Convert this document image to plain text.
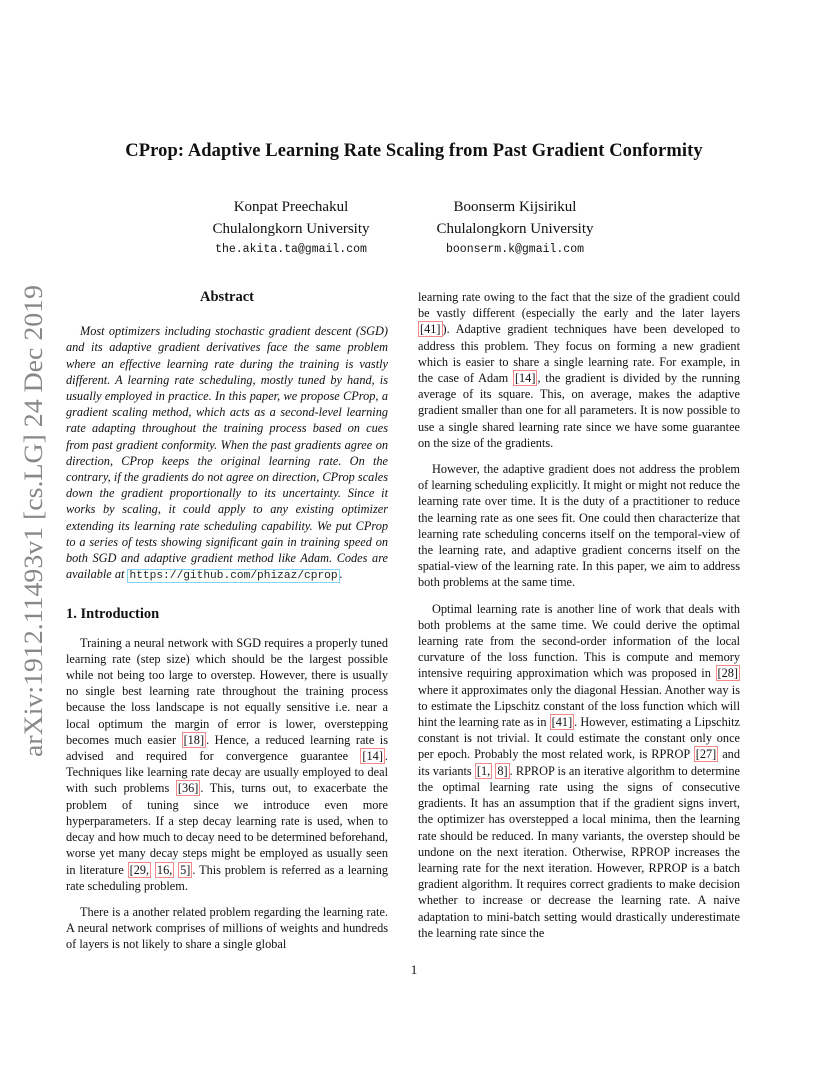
CProp: Adaptive Learning Rate Scaling from Past Gradient Conformity
Konpat Preechakul
Chulalongkorn University
the.akita.ta@gmail.com
Boonserm Kijsirikul
Chulalongkorn University
boonserm.k@gmail.com
arXiv:1912.11493v1 [cs.LG] 24 Dec 2019
Abstract

Most optimizers including stochastic gradient descent (SGD) and its adaptive gradient derivatives face the same problem where an effective learning rate during the training is vastly different. A learning rate scheduling, mostly tuned by hand, is usually employed in practice. In this paper, we propose CProp, a gradient scaling method, which acts as a second-level learning rate adapting throughout the training process based on cues from past gradient conformity. When the past gradients agree on direction, CProp keeps the original learning rate. On the contrary, if the gradients do not agree on direction, CProp scales down the gradient proportionally to its uncertainty. Since it works by scaling, it could apply to any existing optimizer extending its learning rate scheduling capability. We put CProp to a series of tests showing significant gain in training speed on both SGD and adaptive gradient method like Adam. Codes are available at https://github.com/phizaz/cprop .

1. Introduction

Training a neural network with SGD requires a properly tuned learning rate (step size) which should be the largest possible while not being too large to overstep. However, there is usually no single best learning rate throughout the training process because the loss landscape is not equally sensitive i.e. near a local optimum the margin of error is lower, overstepping becomes much easier [18] . Hence, a reduced learning rate is advised and required for convergence guarantee [14] . Techniques like learning rate decay are usually employed to deal with such problems [36] . This, turns out, to exacerbate the problem of tuning since we introduce even more hyperparameters. If a step decay learning rate is used, when to decay and how much to decay need to be determined beforehand, worse yet many decay steps might be employed as usually seen in literature [29, 16, 5] . This problem is referred as a learning rate scheduling problem.

There is a another related problem regarding the learning rate. A neural network comprises of millions of weights and hundreds of layers is not likely to share a single global

learning rate owing to the fact that the size of the gradient could be vastly different (especially the early and the later layers [41] ). Adaptive gradient techniques have been developed to address this problem. They focus on forming a new gradient which is easier to share a single learning rate. For example, in the case of Adam [14] , the gradient is divided by the running average of its square. This, on average, makes the adaptive gradient smaller than one for all parameters. It is now possible to use a single shared learning rate since we have some guarantee on the size of the gradients.

However, the adaptive gradient does not address the problem of learning scheduling explicitly. It might or might not reduce the learning rate over time. It is the duty of a practitioner to reduce the learning rate as one sees fit. One could then characterize that learning rate scheduling concerns itself on the temporal-view of the learning rate, and adaptive gradient concerns itself on the spatial-view of the learning rate. In this paper, we aim to address both problems at the same time.

Optimal learning rate is another line of work that deals with both problems at the same time. We could derive the optimal learning rate from the second-order information of the local curvature of the loss function. This is compute and memory intensive requiring approximation which was proposed in [28] where it approximates only the diagonal Hessian. Another way is to estimate the Lipschitz constant of the loss function which will hint the learning rate as in [41] . However, estimating a Lipschitz constant is not trivial. It could estimate the constant only once per epoch. Probably the most related work, is RPROP [27] and its variants [1, 8] . RPROP is an iterative algorithm to determine the optimal learning rate using the signs of consecutive gradients. It has an assumption that if the gradient signs invert, the optimizer has overstepped a local minima, then the learning rate should be reduced. In many variants, the overstep should be undone on the next iteration. Otherwise, RPROP increases the learning rate for the next iteration. However, RPROP is a batch gradient algorithm. It requires correct gradients to make decision whether to increase or decrease the learning rate. A naive adaptation to mini-batch setting would drastically underestimate the learning rate since the

1
